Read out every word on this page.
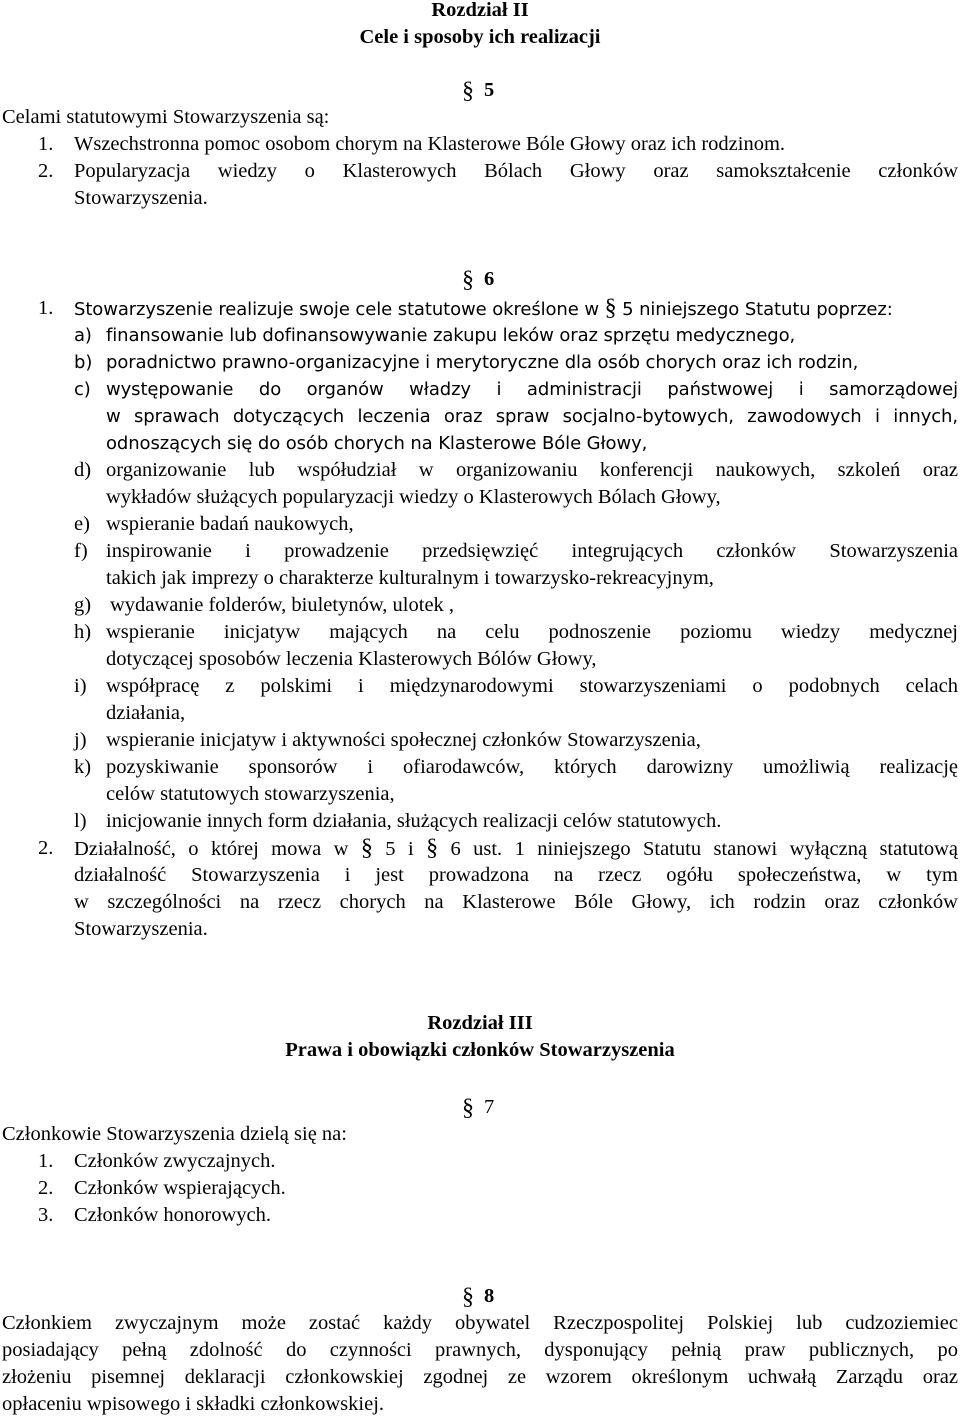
Rozdział II
Cele i sposoby ich realizacji
§ 5
Celami statutowymi Stowarzyszenia są:
1. Wszechstronna pomoc osobom chorym na Klasterowe Bóle Głowy oraz ich rodzinom.
2. Popularyzacja wiedzy o Klasterowych Bólach Głowy oraz samokształcenie członków
Stowarzyszenia.
§ 6
1. Stowarzyszenie realizuje swoje cele statutowe określone w § 5 niniejszego Statutu poprzez:
a) finansowanie lub dofinansowywanie zakupu leków oraz sprzętu medycznego,
b) poradnictwo prawno-organizacyjne i merytoryczne dla osób chorych oraz ich rodzin,
c) występowanie do organów władzy i administracji państwowej i samorządowej
w sprawach dotyczących leczenia oraz spraw socjalno-bytowych, zawodowych i innych,
odnoszących się do osób chorych na Klasterowe Bóle Głowy,
d) organizowanie lub współudział w organizowaniu konferencji naukowych, szkoleń oraz
wykładów służących popularyzacji wiedzy o Klasterowych Bólach Głowy,
e) wspieranie badań naukowych,
f) inspirowanie i prowadzenie przedsięwzięć integrujących członków Stowarzyszenia
takich jak imprezy o charakterze kulturalnym i towarzysko-rekreacyjnym,
g) wydawanie folderów, biuletynów, ulotek ,
h) wspieranie inicjatyw mających na celu podnoszenie poziomu wiedzy medycznej
dotyczącej sposobów leczenia Klasterowych Bólów Głowy,
i) współpracę z polskimi i międzynarodowymi stowarzyszeniami o podobnych celach
działania,
j) wspieranie inicjatyw i aktywności społecznej członków Stowarzyszenia,
k) pozyskiwanie sponsorów i ofiarodawców, których darowizny umożliwią realizację
celów statutowych stowarzyszenia,
l) inicjowanie innych form działania, służących realizacji celów statutowych.
2. Działalność, o której mowa w § 5 i § 6 ust. 1 niniejszego Statutu stanowi wyłączną statutową
działalność Stowarzyszenia i jest prowadzona na rzecz ogółu społeczeństwa, w tym
w szczególności na rzecz chorych na Klasterowe Bóle Głowy, ich rodzin oraz członków
Stowarzyszenia.
Rozdział III
Prawa i obowiązki członków Stowarzyszenia
§ 7
Członkowie Stowarzyszenia dzielą się na:
1. Członków zwyczajnych.
2. Członków wspierających.
3. Członków honorowych.
§ 8
Członkiem zwyczajnym może zostać każdy obywatel Rzeczpospolitej Polskiej lub cudzoziemiec
posiadający pełną zdolność do czynności prawnych, dysponujący pełnią praw publicznych, po
złożeniu pisemnej deklaracji członkowskiej zgodnej ze wzorem określonym uchwałą Zarządu oraz
opłaceniu wpisowego i składki członkowskiej.
